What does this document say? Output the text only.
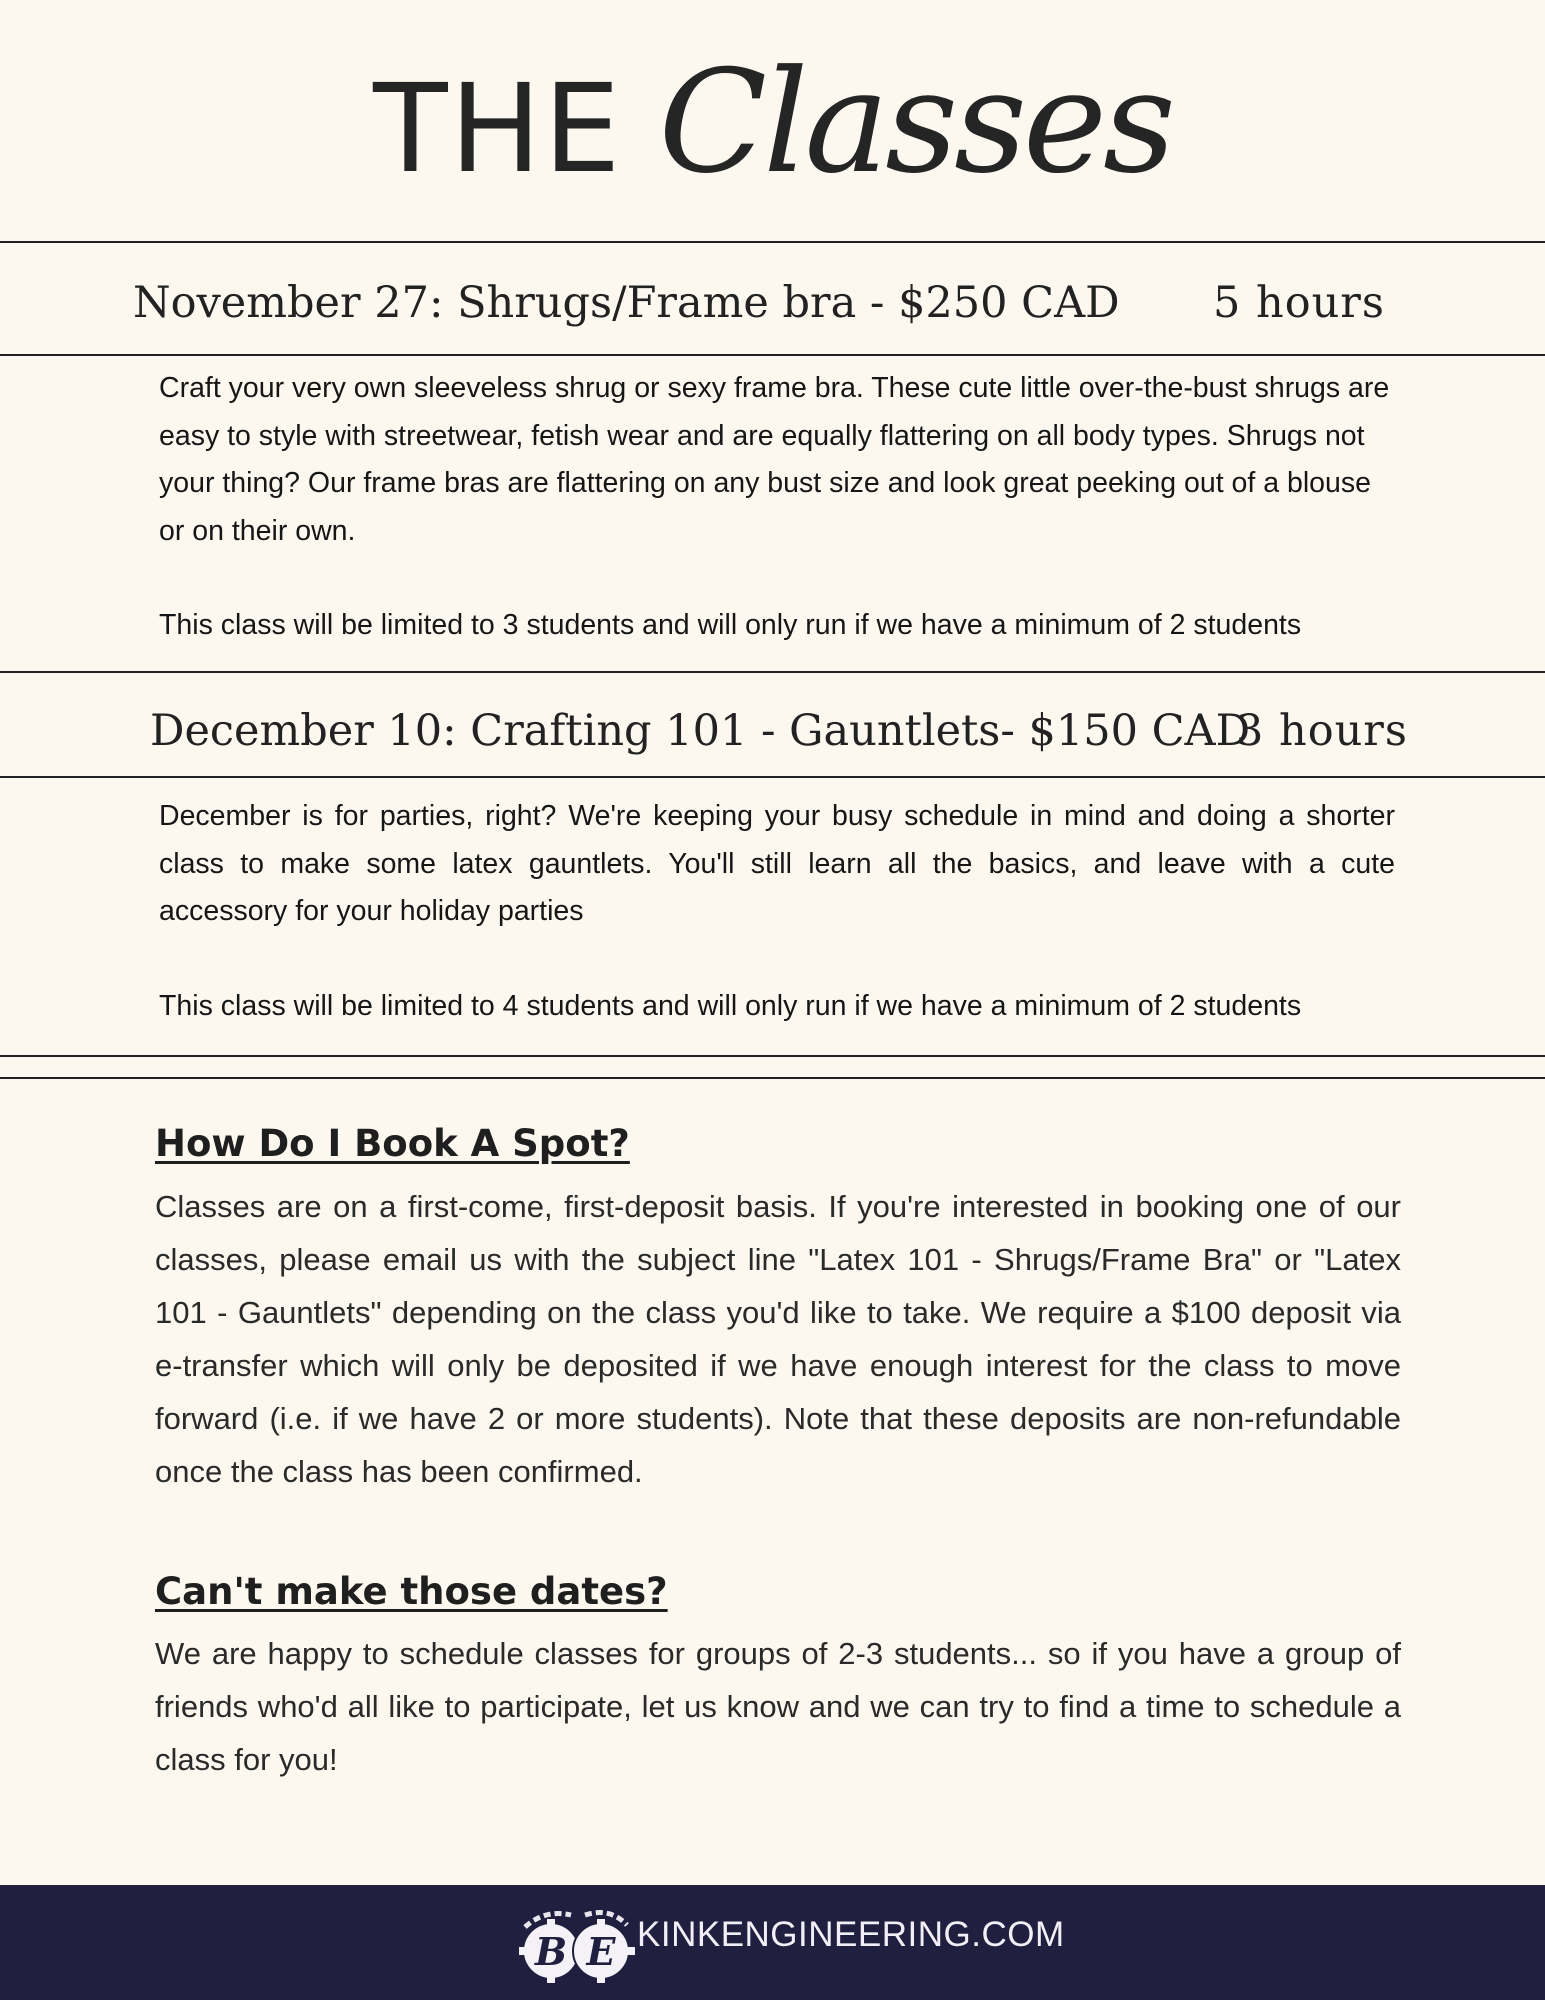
THE Classes
November 27: Shrugs/Frame bra - $250 CAD 5 hours

Craft your very own sleeveless shrug or sexy frame bra. These cute little over-the-bust shrugs are easy to style with streetwear, fetish wear and are equally flattering on all body types. Shrugs not your thing? Our frame bras are flattering on any bust size and look great peeking out of a blouse or on their own.

This class will be limited to 3 students and will only run if we have a minimum of 2 students

December 10: Crafting 101 - Gauntlets- $150 CAD
3 hours

December is for parties, right? We're keeping your busy schedule in mind and doing a shorter class to make some latex gauntlets. You'll still learn all the basics, and leave with a cute accessory for your holiday parties

This class will be limited to 4 students and will only run if we have a minimum of 2 students

How Do I Book A Spot?

Classes are on a first-come, first-deposit basis. If you're interested in booking one of our classes, please email us with the subject line "Latex 101 - Shrugs/Frame Bra" or "Latex 101 - Gauntlets" depending on the class you'd like to take. We require a $100 deposit via e-transfer which will only be deposited if we have enough interest for the class to move forward (i.e. if we have 2 or more students). Note that these deposits are non-refundable once the class has been confirmed.

Can't make those dates?

We are happy to schedule classes for groups of 2-3 students... so if you have a group of friends who'd all like to participate, let us know and we can try to find a time to schedule a class for you!

B E KINKENGINEERING.COM
